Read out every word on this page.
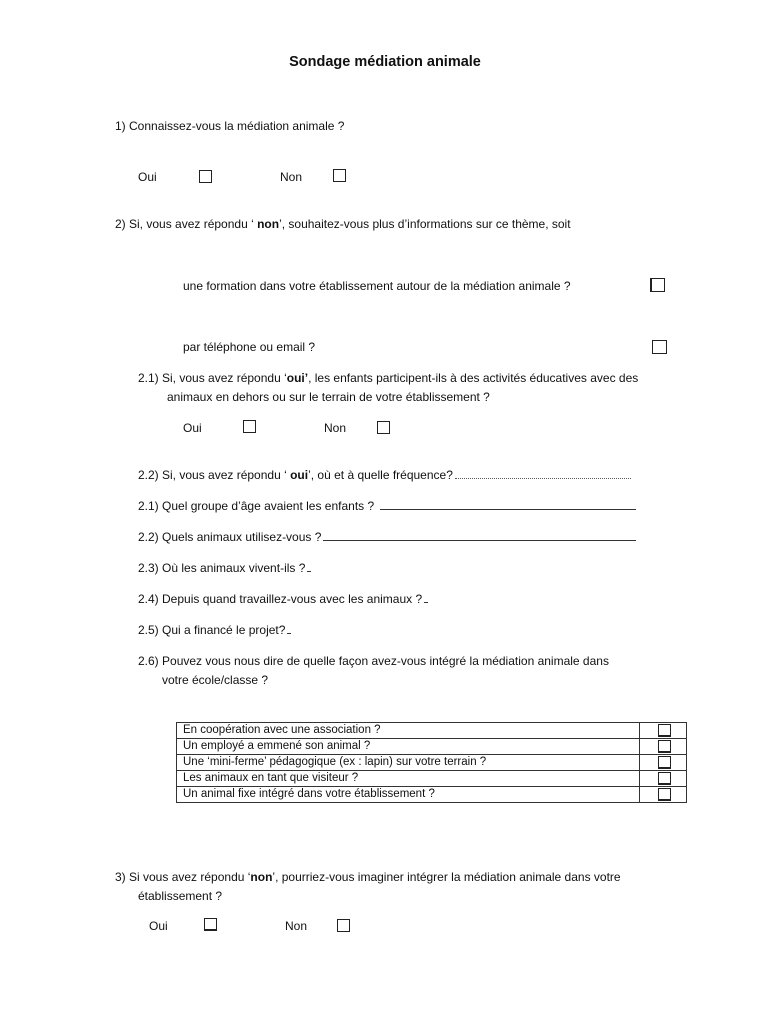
Sondage médiation animale
1) Connaissez-vous la médiation animale ?
Oui	Non
2) Si, vous avez répondu ‘ non’, souhaitez-vous plus d’informations sur ce thème, soit
une formation dans votre établissement autour de la médiation animale ?
par téléphone ou email ?
2.1) Si, vous avez répondu ‘oui’, les enfants participent-ils à des activités éducatives avec des
animaux en dehors ou sur le terrain de votre établissement ?
Oui	Non
2.2) Si, vous avez répondu ‘ oui’, où et à quelle fréquence?
2.1) Quel groupe d’âge avaient les enfants ?
2.2) Quels animaux utilisez-vous ?
2.3) Où les animaux vivent-ils ?
2.4) Depuis quand travaillez-vous avec les animaux ?
2.5) Qui a financé le projet?
2.6) Pouvez vous nous dire de quelle façon avez-vous intégré la médiation animale dans
votre école/classe ?
En coopération avec une association ?	

Un employé a emmené son animal ?	

Une ‘mini-ferme’ pédagogique (ex : lapin) sur votre terrain ?	

Les animaux en tant que visiteur ?	

Un animal fixe intégré dans votre établissement ?	
3) Si vous avez répondu ‘non’, pourriez-vous imaginer intégrer la médiation animale dans votre
établissement ?
Oui	Non
